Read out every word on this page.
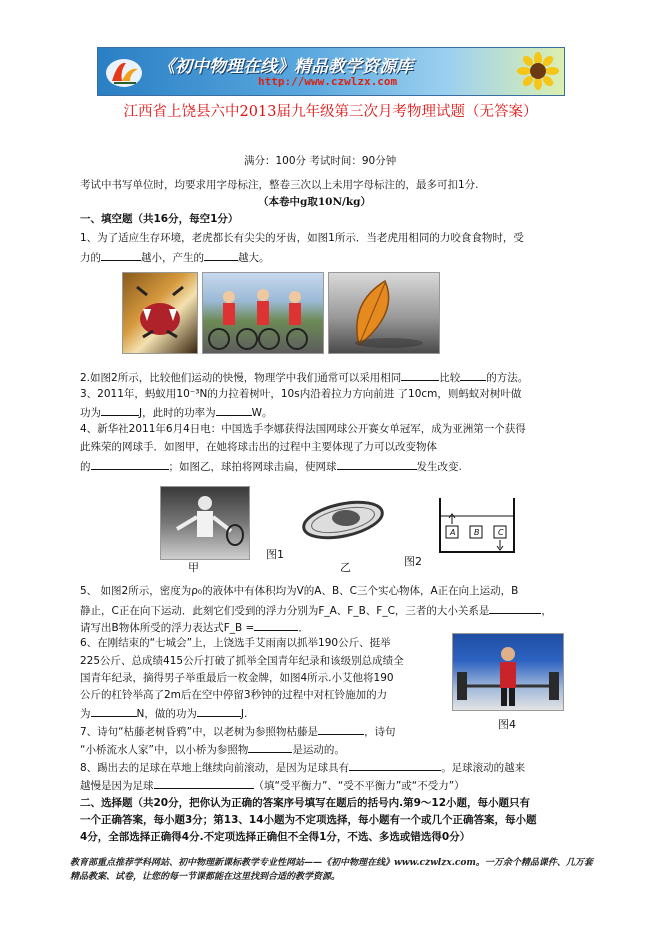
《初中物理在线》精品教学资源库
http://www.czwlzx.com
江西省上饶县六中2013届九年级第三次月考物理试题（无答案）
满分：100分 考试时间：90分钟
考试中书写单位时，均要求用字母标注，整卷三次以上未用字母标注的，最多可扣1分.
（本卷中g取10N/kg）
一、填空题（共16分，每空1分）
1、为了适应生存环境，老虎都长有尖尖的牙齿，如图1所示．当老虎用相同的力咬食食物时，受
力的	越小，产生的	越大。
2.如图2所示，比较他们运动的快慢，物理学中我们通常可以采用相同	比较 的方法。
3、2011年，蚂蚁用10⁻³N的力拉着树叶，10s内沿着拉力方向前进 了10cm，则蚂蚁对树叶做
功为	J，此时的功率为	W。
4、新华社2011年6月4日电：中国选手李娜获得法国网球公开赛女单冠军，成为亚洲第一个获得
此殊荣的网球手．如图甲，在她将球击出的过程中主要体现了力可以改变物体
的	；如图乙，球拍将网球击扁，使网球	发生改变.
甲
图1
乙	图2
A B C
5、 如图2所示，密度为ρ₀的液体中有体积均为V的A、B、C三个实心物体，A正在向上运动，B
静止，C正在向下运动．此刻它们受到的浮力分别为F_A、F_B、F_C，三者的大小关系是	，
请写出B物体所受的浮力表达式F_B =	．
6、在刚结束的“七城会”上，上饶选手艾雨南以抓举190公斤、挺举
225公斤、总成绩415公斤打破了抓举全国青年纪录和该级别总成绩全
国青年纪录，摘得男子举重最后一枚金牌，如图4所示.小艾他将190
公斤的杠铃举高了2m后在空中停留3秒钟的过程中对杠铃施加的力
为	N，做的功为	J.
图4
7、诗句“枯藤老树昏鸦”中，以老树为参照物枯藤是	，诗句
“小桥流水人家”中，以小桥为参照物	是运动的。
8、踢出去的足球在草地上继续向前滚动，是因为足球具有	。足球滚动的越来
越慢是因为足球	（填“受平衡力”、“受不平衡力”或“不受力”）
二、选择题（共20分，把你认为正确的答案序号填写在题后的括号内.第9～12小题，每小题只有
一个正确答案，每小题3分；第13、14小题为不定项选择，每小题有一个或几个正确答案，每小题
4分，全部选择正确得4分.不定项选择正确但不全得1分，不选、多选或错选得0分）
教育部重点推荐学科网站、初中物理新课标教学专业性网站——《初中物理在线》www.czwlzx.com。一万余个精品课件、几万套精品教案、试卷，让您的每一节课都能在这里找到合适的教学资源。
